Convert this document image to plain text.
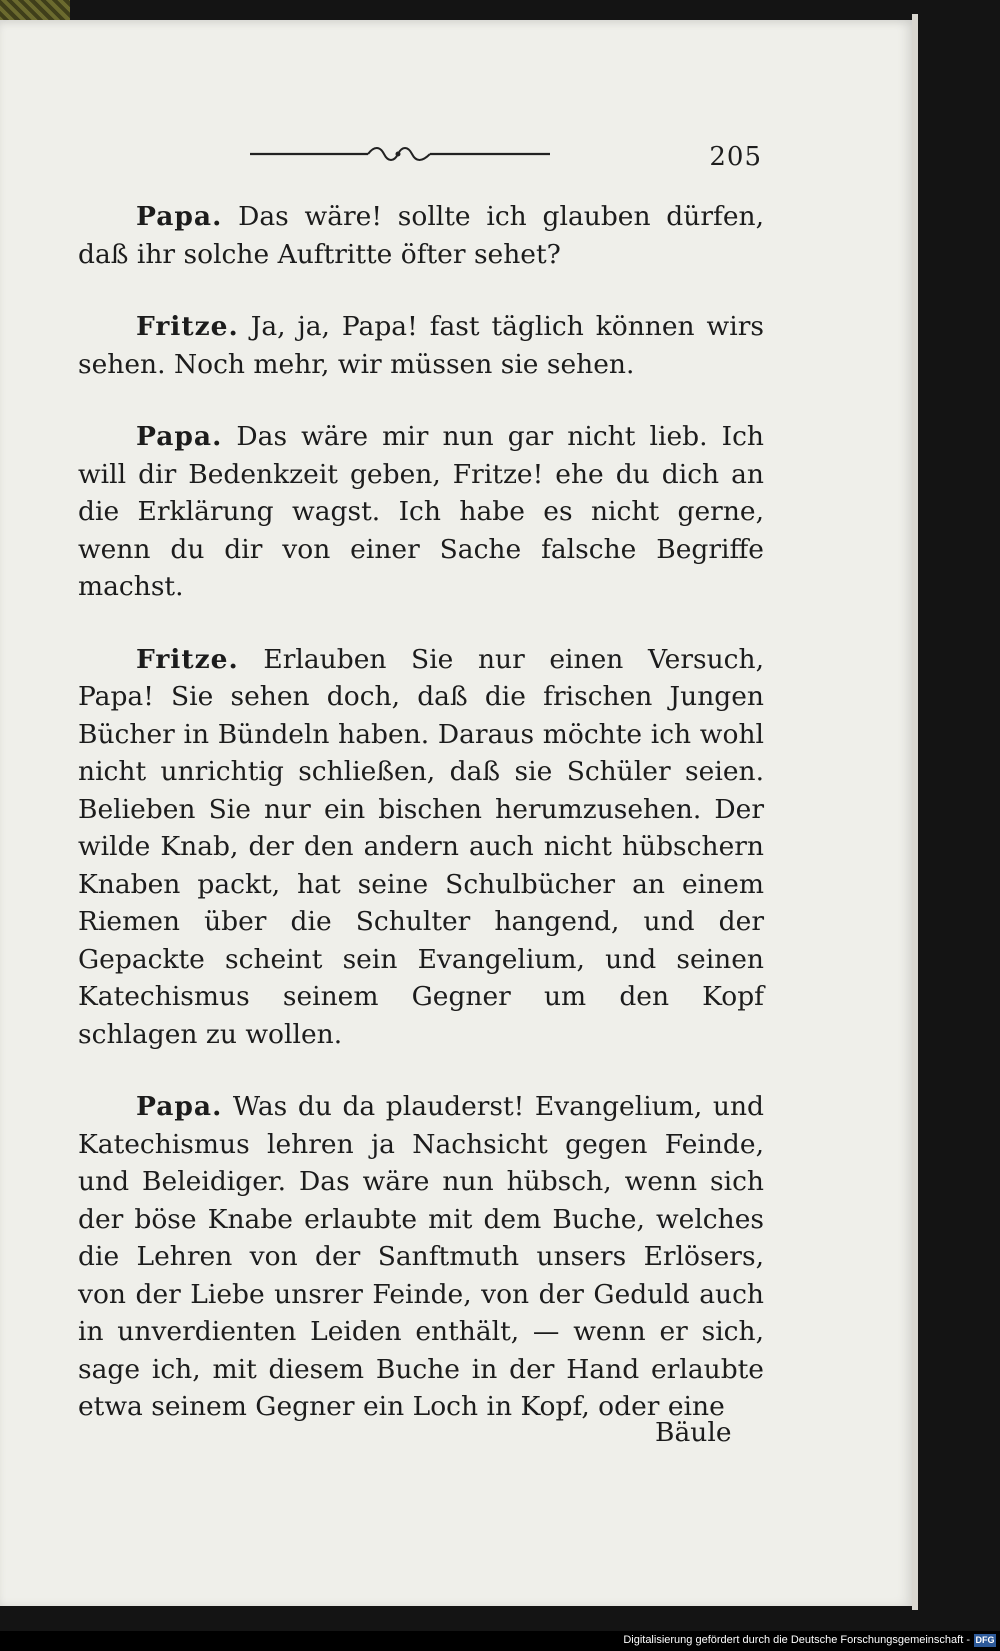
205

Papa. Das wäre! sollte ich glauben dürfen, daß ihr solche Auftritte öfter sehet?

Fritze. Ja, ja, Papa! fast täglich können wirs sehen. Noch mehr, wir müssen sie sehen.

Papa. Das wäre mir nun gar nicht lieb. Ich will dir Bedenkzeit geben, Fritze! ehe du dich an die Erklärung wagst. Ich habe es nicht gerne, wenn du dir von einer Sache falsche Begriffe machst.

Fritze. Erlauben Sie nur einen Versuch, Papa! Sie sehen doch, daß die frischen Jungen Bücher in Bündeln haben. Daraus möchte ich wohl nicht unrichtig schließen, daß sie Schüler seien. Belieben Sie nur ein bischen herumzusehen. Der wilde Knab, der den andern auch nicht hübschern Knaben packt, hat seine Schulbücher an einem Riemen über die Schulter hangend, und der Gepackte scheint sein Evangelium, und seinen Katechismus seinem Gegner um den Kopf schlagen zu wollen.

Papa. Was du da plauderst! Evangelium, und Katechismus lehren ja Nachsicht gegen Feinde, und Beleidiger. Das wäre nun hübsch, wenn sich der böse Knabe erlaubte mit dem Buche, welches die Lehren von der Sanftmuth unsers Erlösers, von der Liebe unsrer Feinde, von der Geduld auch in unverdienten Leiden enthält, — wenn er sich, sage ich, mit diesem Buche in der Hand erlaubte etwa seinem Gegner ein Loch in Kopf, oder eine

Bäule
Digitalisierung gefördert durch die Deutsche Forschungsgemeinschaft - DFG
